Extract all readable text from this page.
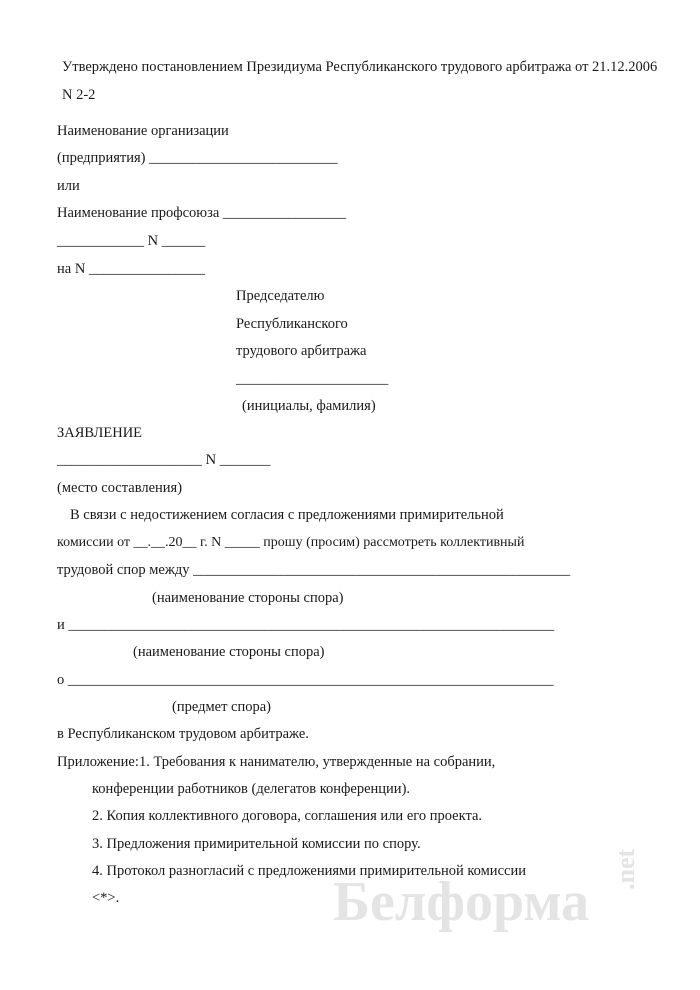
Утверждено постановлением Президиума Республиканского трудового арбитража от 21.12.2006 N 2-2
Наименование организации
(предприятия) __________________________
или
Наименование профсоюза _________________
____________ N ______
на N ________________
Председателю
Республиканского
трудового арбитража
_____________________
(инициалы, фамилия)
ЗАЯВЛЕНИЕ
____________________ N _______
(место составления)
В связи с недостижением согласия с предложениями примирительной
комиссии от __.__.20__ г. N _____ прошу (просим) рассмотреть коллективный
трудовой спор между ____________________________________________________
(наименование стороны спора)
и ___________________________________________________________________
(наименование стороны спора)
о ___________________________________________________________________
(предмет спора)
в Республиканском трудовом арбитраже.
Приложение: 1. Требования к нанимателю, утвержденные на собрании,
конференции работников (делегатов конференции).
2. Копия коллективного договора, соглашения или его проекта.
3. Предложения примирительной комиссии по спору.
4. Протокол разногласий с предложениями примирительной комиссии
<*>.	Белформа
.net
